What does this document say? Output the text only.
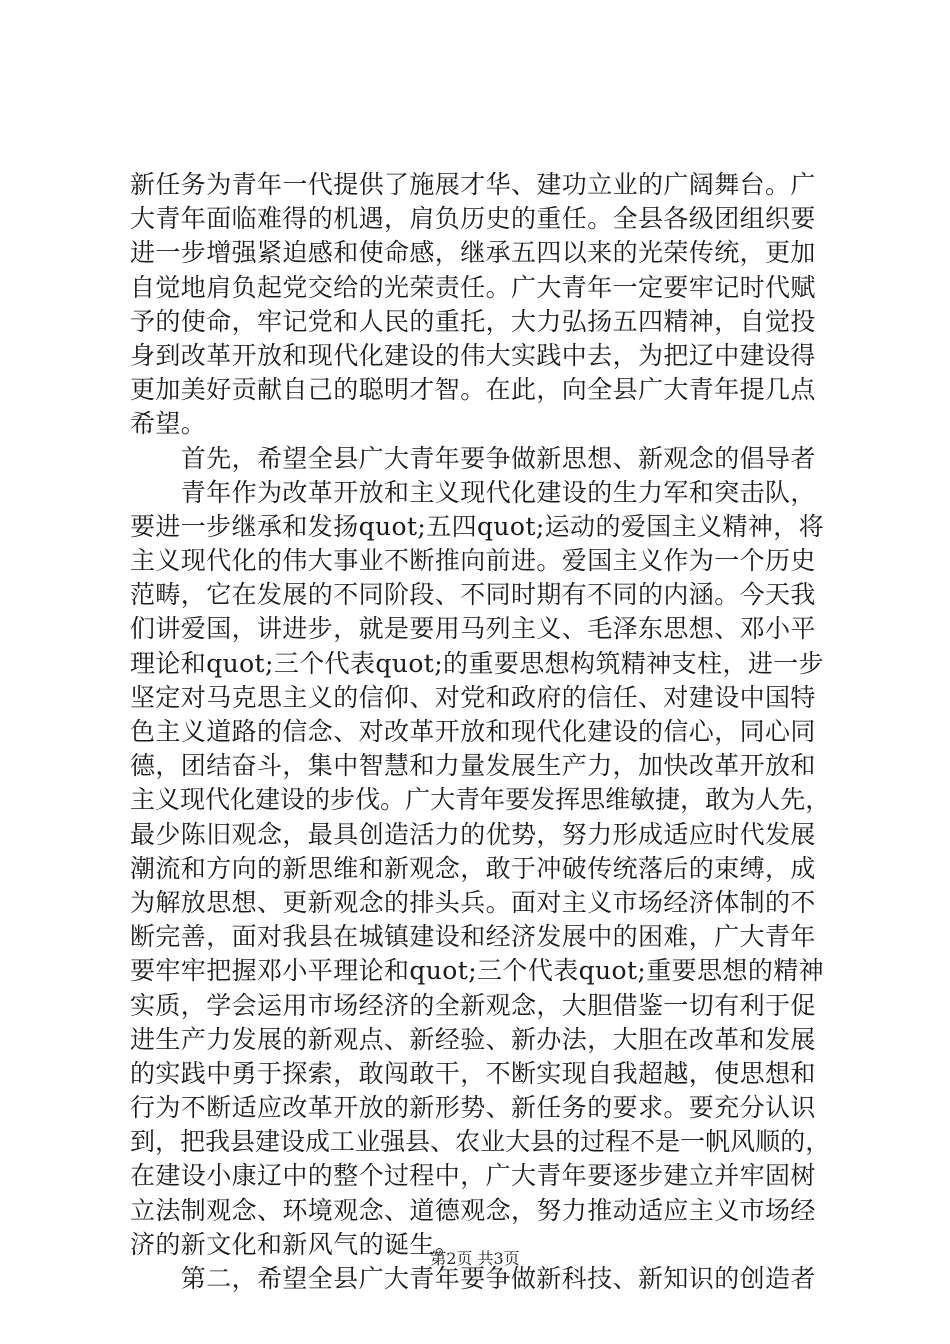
新任务为青年一代提供了施展才华、建功立业的广阔舞台。广
大青年面临难得的机遇，肩负历史的重任。全县各级团组织要
进一步增强紧迫感和使命感，继承五四以来的光荣传统，更加
自觉地肩负起党交给的光荣责任。广大青年一定要牢记时代赋
予的使命，牢记党和人民的重托，大力弘扬五四精神，自觉投
身到改革开放和现代化建设的伟大实践中去，为把辽中建设得
更加美好贡献自己的聪明才智。在此，向全县广大青年提几点
希望。
　　首先，希望全县广大青年要争做新思想、新观念的倡导者
　　青年作为改革开放和主义现代化建设的生力军和突击队，
要进一步继承和发扬quot;五四quot;运动的爱国主义精神，将
主义现代化的伟大事业不断推向前进。爱国主义作为一个历史
范畴，它在发展的不同阶段、不同时期有不同的内涵。今天我
们讲爱国，讲进步，就是要用马列主义、毛泽东思想、邓小平
理论和quot;三个代表quot;的重要思想构筑精神支柱，进一步
坚定对马克思主义的信仰、对党和政府的信任、对建设中国特
色主义道路的信念、对改革开放和现代化建设的信心，同心同
德，团结奋斗，集中智慧和力量发展生产力，加快改革开放和
主义现代化建设的步伐。广大青年要发挥思维敏捷，敢为人先，
最少陈旧观念，最具创造活力的优势，努力形成适应时代发展
潮流和方向的新思维和新观念，敢于冲破传统落后的束缚，成
为解放思想、更新观念的排头兵。面对主义市场经济体制的不
断完善，面对我县在城镇建设和经济发展中的困难，广大青年
要牢牢把握邓小平理论和quot;三个代表quot;重要思想的精神
实质，学会运用市场经济的全新观念，大胆借鉴一切有利于促
进生产力发展的新观点、新经验、新办法，大胆在改革和发展
的实践中勇于探索，敢闯敢干，不断实现自我超越，使思想和
行为不断适应改革开放的新形势、新任务的要求。要充分认识
到，把我县建设成工业强县、农业大县的过程不是一帆风顺的，
在建设小康辽中的整个过程中，广大青年要逐步建立并牢固树
立法制观念、环境观念、道德观念，努力推动适应主义市场经
济的新文化和新风气的诞生。
　　第二，希望全县广大青年要争做新科技、新知识的创造者
第2页 共3页
